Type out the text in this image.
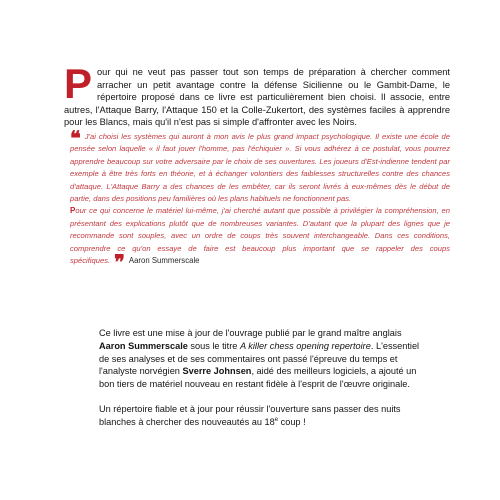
Pour qui ne veut pas passer tout son temps de préparation à chercher comment arracher un petit avantage contre la défense Sicilienne ou le Gambit-Dame, le répertoire proposé dans ce livre est particulièrement bien choisi. Il associe, entre autres, l'Attaque Barry, l'Attaque 150 et la Colle-Zukertort, des systèmes faciles à apprendre pour les Blancs, mais qu'il n'est pas si simple d'affronter avec les Noirs.

❝ J'ai choisi les systèmes qui auront à mon avis le plus grand impact psychologique. Il existe une école de pensée selon laquelle « il faut jouer l'homme, pas l'échiquier ». Si vous adhérez à ce postulat, vous pourrez apprendre beaucoup sur votre adversaire par le choix de ses ouvertures. Les joueurs d'Est-indienne tendent par exemple à être très forts en théorie, et à échanger volontiers des faiblesses structurelles contre des chances d'attaque. L'Attaque Barry a des chances de les embêter, car ils seront livrés à eux-mêmes dès le début de partie, dans des positions peu familières où les plans habituels ne fonctionnent pas.

Pour ce qui concerne le matériel lui-même, j'ai cherché autant que possible à privilégier la compréhension, en présentant des explications plutôt que de nombreuses variantes. D'autant que la plupart des lignes que je recommande sont souples, avec un ordre de coups très souvent interchangeable. Dans ces conditions, comprendre ce qu'on essaye de faire est beaucoup plus important que se rappeler des coups spécifiques. ❞ Aaron Summerscale

Ce livre est une mise à jour de l'ouvrage publié par le grand maître anglais Aaron Summerscale sous le titre A killer chess opening repertoire. L'essentiel de ses analyses et de ses commentaires ont passé l'épreuve du temps et l'analyste norvégien Sverre Johnsen, aidé des meilleurs logiciels, a ajouté un bon tiers de matériel nouveau en restant fidèle à l'esprit de l'œuvre originale.

Un répertoire fiable et à jour pour réussir l'ouverture sans passer des nuits blanches à chercher des nouveautés au 18e coup !
